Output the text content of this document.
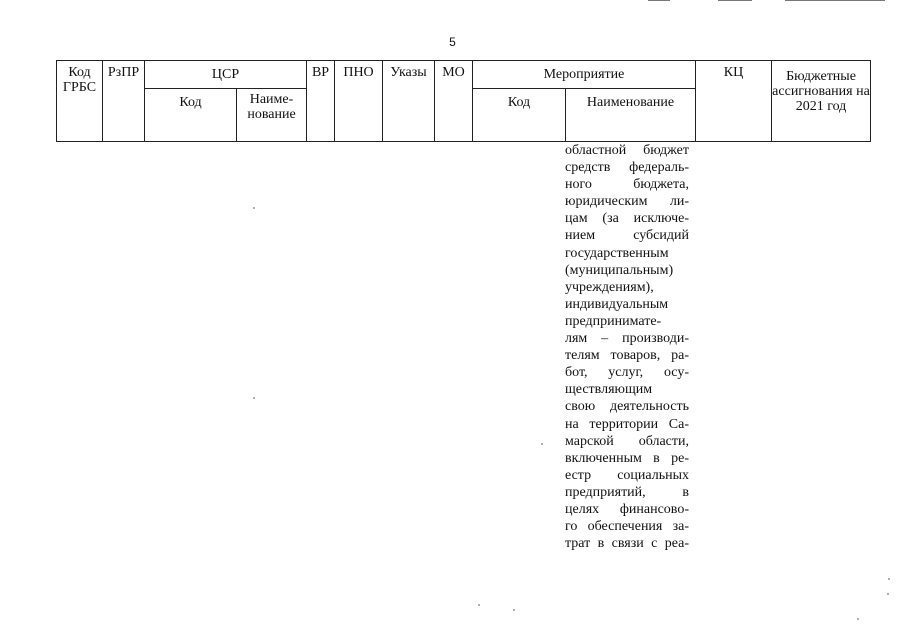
5
Код ГРБС	РзПР	ЦСР		ВР	ПНО	Указы	МО	Мероприятие		КЦ	Бюджетные ассигнования на 2021 год
		Код	Наиме-нование					Код	Наименование		
областной бюджет
средств федераль-
ного бюджета,
юридическим ли-
цам (за исключе-
нием субсидий
государственным
(муниципальным)
учреждениям),
индивидуальным
предпринимате-
лям – производи-
телям товаров, ра-
бот, услуг, осу-
ществляющим
свою деятельность
на территории Са-
марской области,
включенным в ре-
естр социальных
предприятий, в
целях финансово-
го обеспечения за-
трат в связи с реа-
